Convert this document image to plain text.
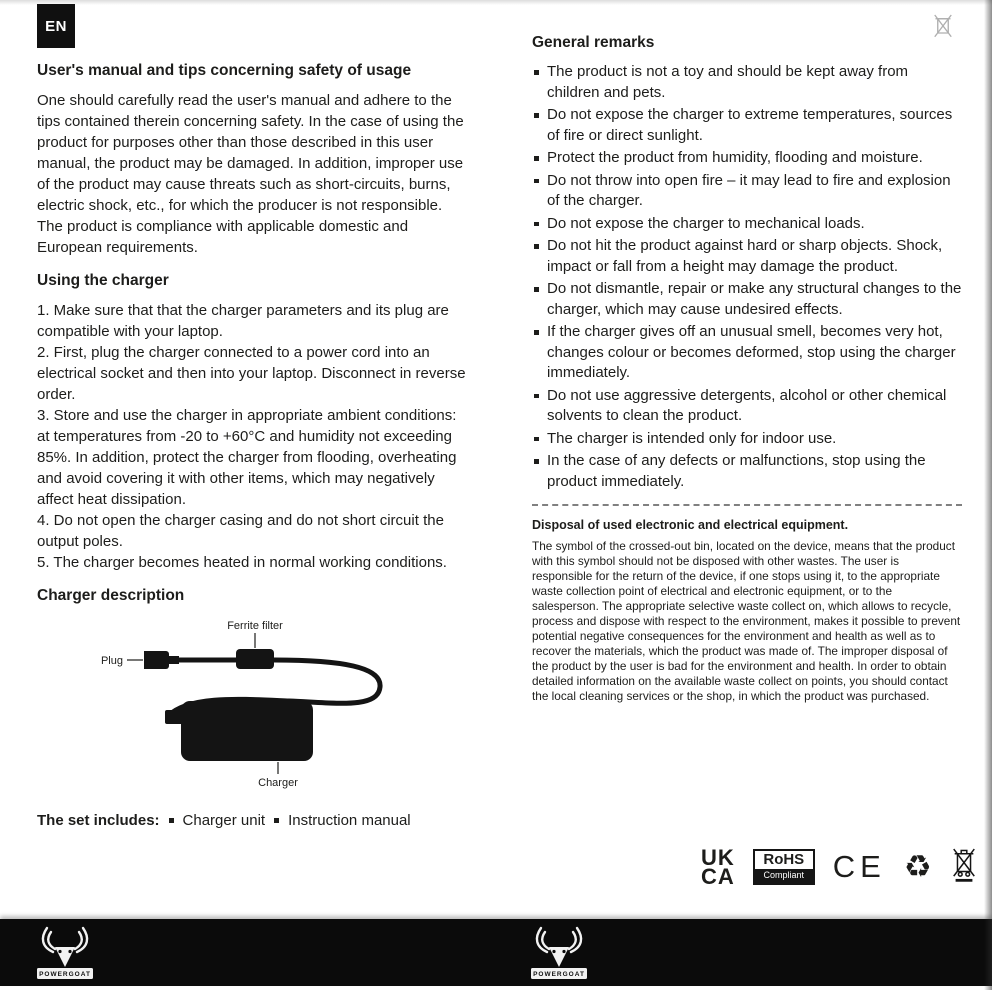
EN
User's manual and tips concerning safety of usage

One should carefully read the user's manual and adhere to the tips contained therein concerning safety. In the case of using the product for purposes other than those described in this user manual, the product may be damaged. In addition, improper use of the product may cause threats such as short-circuits, burns, electric shock, etc., for which the producer is not responsible. The product is compliance with applicable domestic and European requirements.

Using the charger

1. Make sure that that the charger parameters and its plug are compatible with your laptop.

2. First, plug the charger connected to a power cord into an electrical socket and then into your laptop. Disconnect in reverse order.

3. Store and use the charger in appropriate ambient conditions: at temperatures from -20 to +60°C and humidity not exceeding 85%. In addition, protect the charger from flooding, overheating and avoid covering it with other items, which may negatively affect heat dissipation.

4. Do not open the charger casing and do not short circuit the output poles.

5. The charger becomes heated in normal working conditions.

Charger description
Plug
Ferrite filter
Charger

The set includes: Charger unit Instruction manual

General remarks
The product is not a toy and should be kept away from children and pets.
Do not expose the charger to extreme temperatures, sources of fire or direct sunlight.
Protect the product from humidity, flooding and moisture.
Do not throw into open fire – it may lead to fire and explosion of the charger.
Do not expose the charger to mechanical loads.
Do not hit the product against hard or sharp objects. Shock, impact or fall from a height may damage the product.
Do not dismantle, repair or make any structural changes to the charger, which may cause undesired effects.
If the charger gives off an unusual smell, becomes very hot, changes colour or becomes deformed, stop using the charger immediately.
Do not use aggressive detergents, alcohol or other chemical solvents to clean the product.
The charger is intended only for indoor use.
In the case of any defects or malfunctions, stop using the product immediately.
Disposal of used electronic and electrical equipment.

The symbol of the crossed-out bin, located on the device, means that the product with this symbol should not be disposed with other wastes. The user is responsible for the return of the device, if one stops using it, to the appropriate waste collection point of electrical and electronic equipment, or to the salesperson. The appropriate selective waste collect on, which allows to recycle, process and dispose with respect to the environment, makes it possible to prevent potential negative consequences for the environment and health as well as to recover the materials, which the product was made of. The improper disposal of the product by the user is bad for the environment and health. In order to obtain detailed information on the available waste collect on points, you should contact the local cleaning services or the shop, in which the product was purchased.

UK
CA
RoHS
Compliant CE ♻
POWERGOAT	POWERGOAT
